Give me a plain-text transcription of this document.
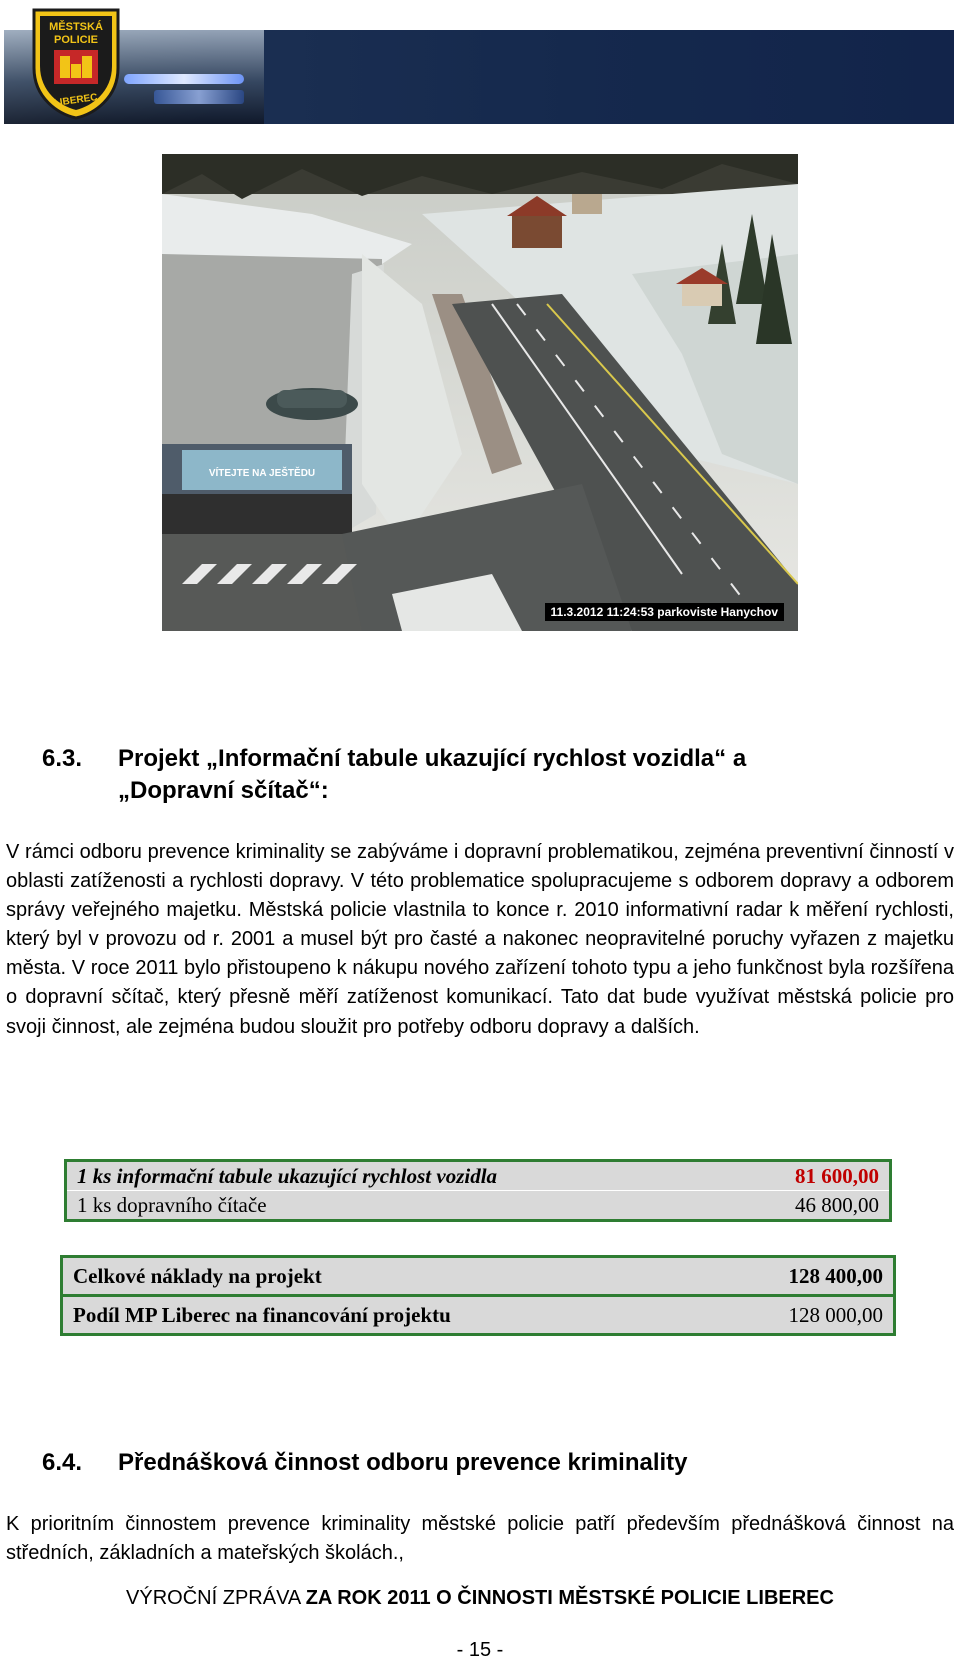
MĚSTSKÁ
POLICIE
LIBEREC
VÍTEJTE NA JEŠTĚDU
11.3.2012 11:24:53 parkoviste Hanychov
6.3. Projekt „Informační tabule ukazující rychlost vozidla“ a
„Dopravní sčítač“:
V rámci odboru prevence kriminality se zabýváme i dopravní problematikou, zejména preventivní činností v oblasti zatíženosti a rychlosti dopravy. V této problematice spolupracujeme s odborem dopravy a odborem správy veřejného majetku. Městská policie vlastnila to konce r. 2010 informativní radar k měření rychlosti, který byl v provozu od r. 2001 a musel být pro časté a nakonec neopravitelné poruchy vyřazen z majetku města. V roce 2011 bylo přistoupeno k nákupu nového zařízení tohoto typu a jeho funkčnost byla rozšířena o dopravní sčítač, který přesně měří zatíženost komunikací. Tato dat bude využívat městská policie pro svoji činnost, ale zejména budou sloužit pro potřeby odboru dopravy a dalších.
1 ks informační tabule ukazující rychlost vozidla	81 600,00
1 ks dopravního čítače	46 800,00
Celkové náklady na projekt	128 400,00
Podíl MP Liberec na financování projektu	128 000,00
6.4. Přednášková činnost odboru prevence kriminality
K prioritním činnostem prevence kriminality městské policie patří především přednášková činnost na středních, základních a mateřských školách.,
VÝROČNÍ ZPRÁVA ZA ROK 2011 O ČINNOSTI MĚSTSKÉ POLICIE LIBEREC
- 15 -
